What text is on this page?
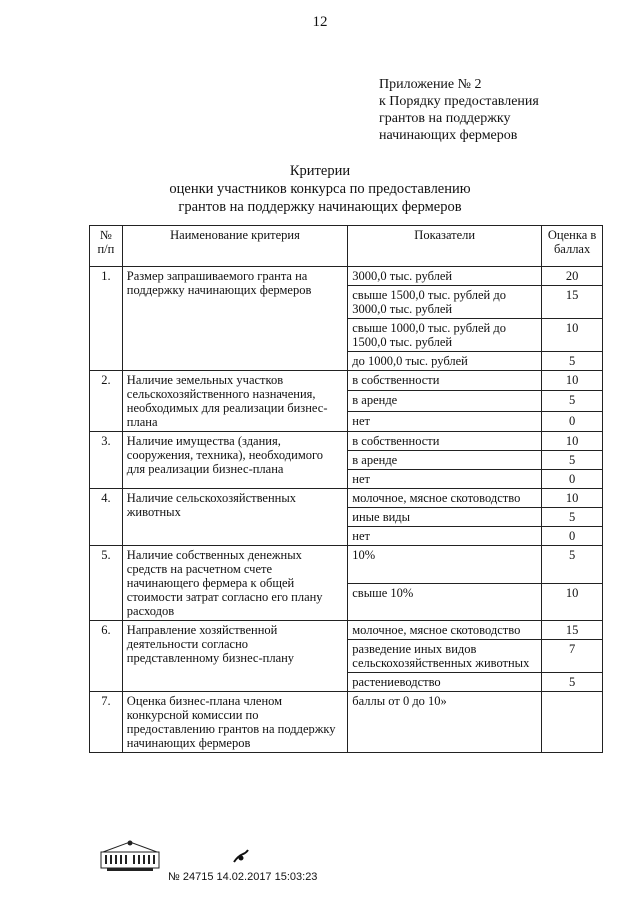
12
Приложение № 2
к Порядку предоставления
грантов на поддержку
начинающих фермеров
Критерии
оценки участников конкурса по предоставлению
грантов на поддержку начинающих фермеров
№ п/п	Наименование критерия	Показатели	Оценка в баллах
1.	Размер запрашиваемого гранта на поддержку начинающих фермеров	3000,0 тыс. рублей	20
		свыше 1500,0 тыс. рублей до 3000,0 тыс. рублей	15
		свыше 1000,0 тыс. рублей до 1500,0 тыс. рублей	10
		до 1000,0 тыс. рублей	5
2.	Наличие земельных участков сельскохозяйственного назначения, необходимых для реализации бизнес-плана	в собственности	10
		в аренде	5
		нет	0
3.	Наличие имущества (здания, сооружения, техника), необходимого для реализации бизнес-плана	в собственности	10
		в аренде	5
		нет	0
4.	Наличие сельскохозяйственных животных	молочное, мясное скотоводство	10
		иные виды	5
		нет	0
5.	Наличие собственных денежных средств на расчетном счете начинающего фермера к общей стоимости затрат согласно его плану расходов	10%	5
		свыше 10%	10
6.	Направление хозяйственной деятельности согласно представленному бизнес-плану	молочное, мясное скотоводство	15
		разведение иных видов сельскохозяйственных животных	7
		растениеводство	5
7.	Оценка бизнес-плана членом конкурсной комиссии по предоставлению грантов на поддержку начинающих фермеров	баллы от 0 до 10»	
№ 24715 14.02.2017 15:03:23
